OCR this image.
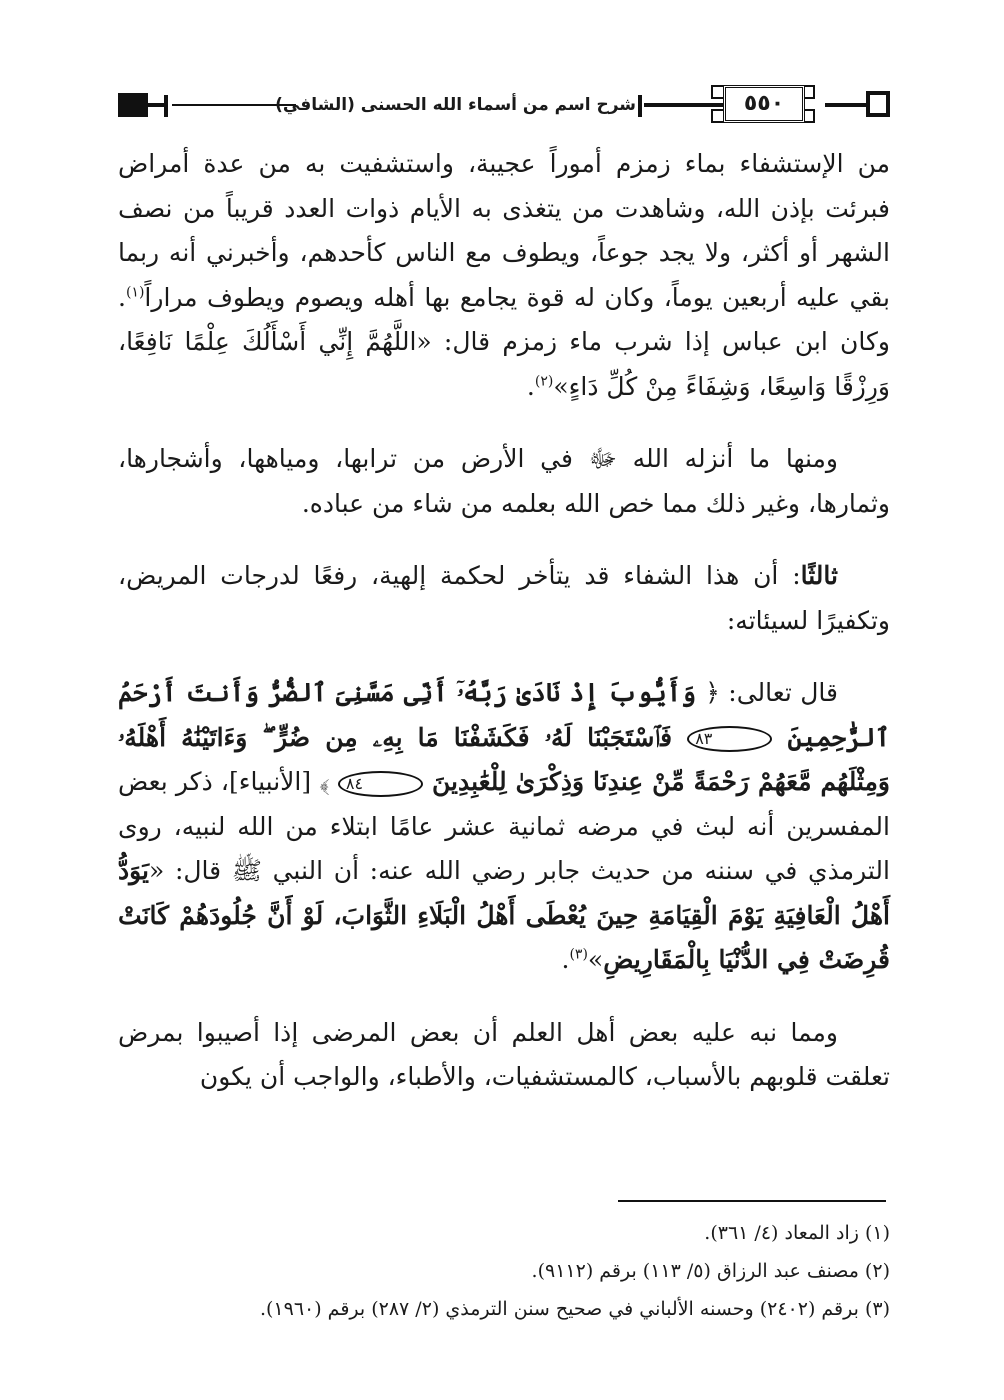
شرح اسم من أسماء الله الحسنى (الشافي)	٥٥٠

من الإستشفاء بماء زمزم أموراً عجيبة، واستشفيت به من عدة أمراض فبرئت بإذن الله، وشاهدت من يتغذى به الأيام ذوات العدد قريباً من نصف الشهر أو أكثر، ولا يجد جوعاً، ويطوف مع الناس كأحدهم، وأخبرني أنه ربما بقي عليه أربعين يوماً، وكان له قوة يجامع بها أهله ويصوم ويطوف مراراً$^{(١)}$. وكان ابن عباس إذا شرب ماء زمزم قال: «اللَّهُمَّ إِنِّي أَسْأَلُكَ عِلْمًا نَافِعًا، وَرِزْقًا وَاسِعًا، وَشِفَاءً مِنْ كُلِّ دَاءٍ»$^{(٢)}$.

ومنها ما أنزله الله ﷻ في الأرض من ترابها، ومياهها، وأشجارها، وثمارها، وغير ذلك مما خص الله بعلمه من شاء من عباده.

ثالثًا: أن هذا الشفاء قد يتأخر لحكمة إلهية، رفعًا لدرجات المريض، وتكفيرًا لسيئاته:

قال تعالى: ﴿ وَأَيُّوبَ إِذْ نَادَىٰ رَبَّهُۥٓ أَنِّى مَسَّنِىَ ٱلضُّرُّ وَأَنتَ أَرْحَمُ ٱلرَّٰحِمِينَ ٨٣ فَٱسْتَجَبْنَا لَهُۥ فَكَشَفْنَا مَا بِهِۦ مِن ضُرٍّ ۖ وَءَاتَيْنَٰهُ أَهْلَهُۥ وَمِثْلَهُم مَّعَهُمْ رَحْمَةً مِّنْ عِندِنَا وَذِكْرَىٰ لِلْعَٰبِدِينَ ٨٤ ﴾ [الأنبياء]، ذكر بعض المفسرين أنه لبث في مرضه ثمانية عشر عامًا ابتلاء من الله لنبيه، روى الترمذي في سننه من حديث جابر رضي الله عنه: أن النبي ﷺ قال: «يَوَدُّ أَهْلُ الْعَافِيَةِ يَوْمَ الْقِيَامَةِ حِينَ يُعْطَى أَهْلُ الْبَلَاءِ الثَّوَابَ، لَوْ أَنَّ جُلُودَهُمْ كَانَتْ قُرِضَتْ فِي الدُّنْيَا بِالْمَقَارِيضِ»$^{(٣)}$.

ومما نبه عليه بعض أهل العلم أن بعض المرضى إذا أصيبوا بمرض تعلقت قلوبهم بالأسباب، كالمستشفيات، والأطباء، والواجب أن يكون

(١) زاد المعاد (٤/ ٣٦١).

(٢) مصنف عبد الرزاق (٥/ ١١٣) برقم (٩١١٢).

(٣) برقم (٢٤٠٢) وحسنه الألباني في صحيح سنن الترمذي (٢/ ٢٨٧) برقم (١٩٦٠).
